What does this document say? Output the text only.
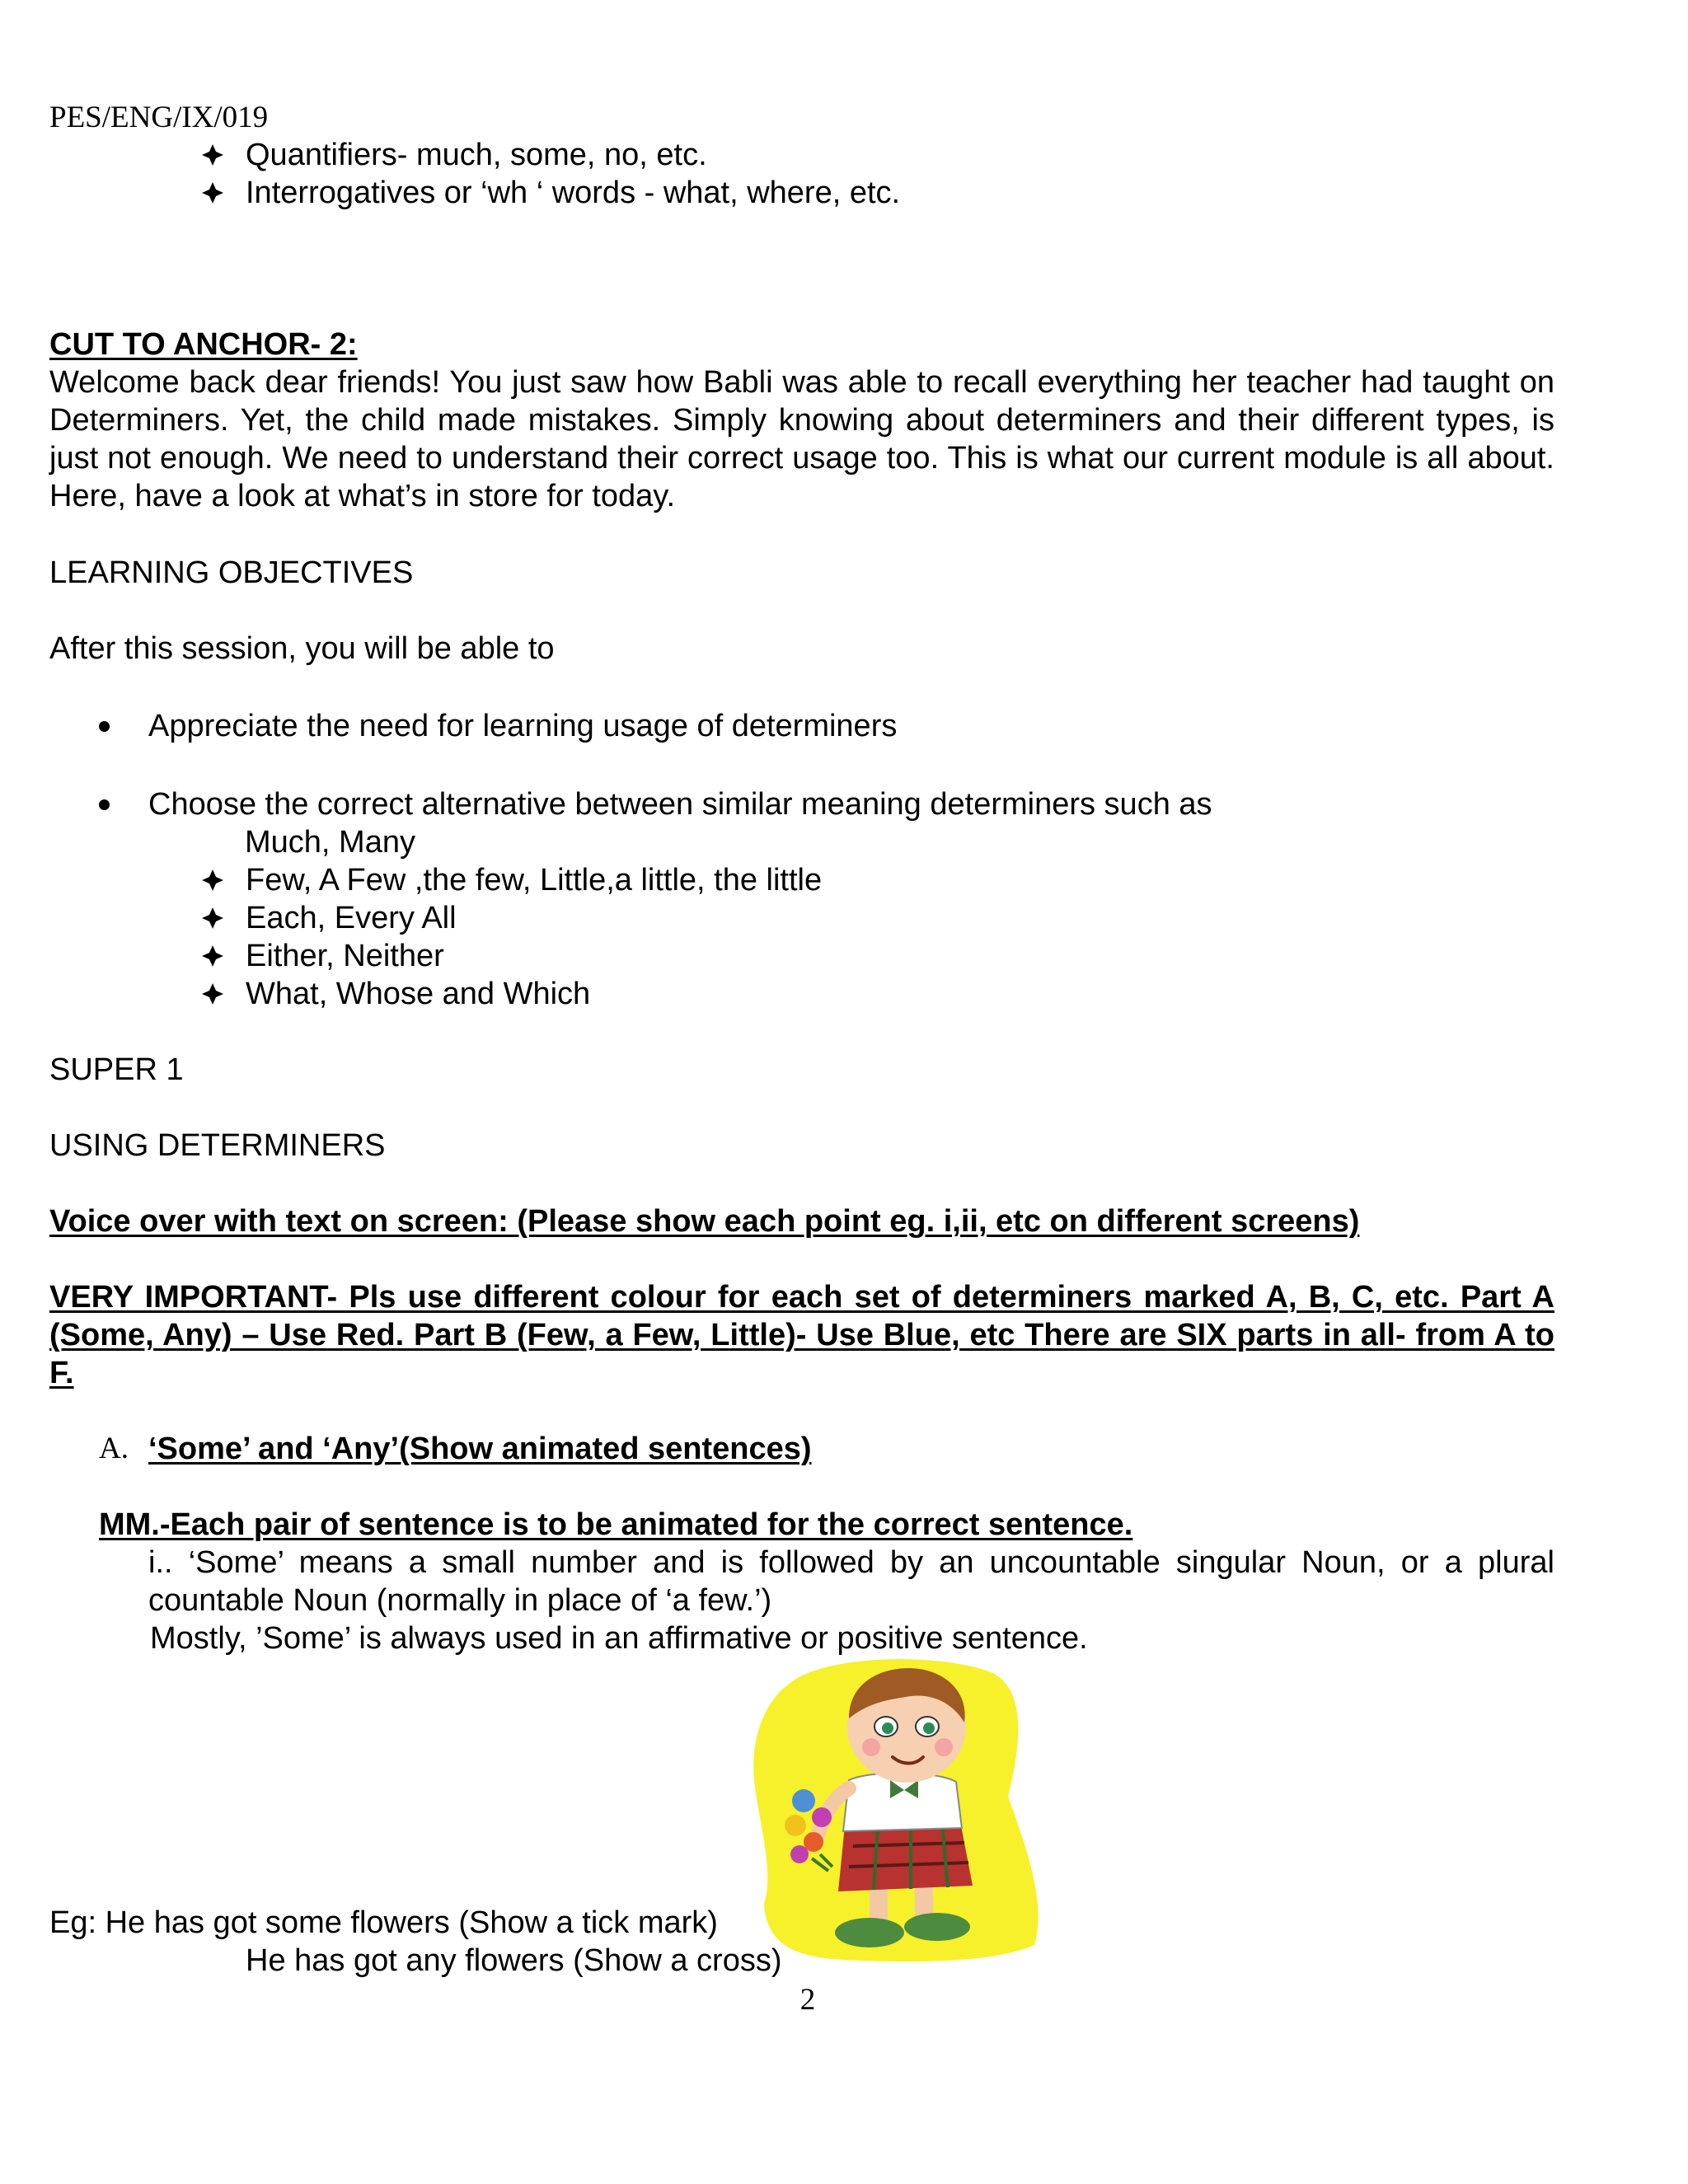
PES/ENG/IX/019
Quantifiers- much, some, no, etc.
Interrogatives or ‘wh ‘ words - what, where, etc.
CUT TO ANCHOR- 2:
Welcome back dear friends! You just saw how Babli was able to recall everything her teacher had taught on Determiners. Yet, the child made mistakes. Simply knowing about determiners and their different types, is just not enough. We need to understand their correct usage too. This is what our current module is all about. Here, have a look at what’s in store for today.
LEARNING OBJECTIVES
After this session, you will be able to
Appreciate the need for learning usage of determiners
Choose the correct alternative between similar meaning determiners such as
Much, Many
Few, A Few ,the few, Little,a little, the little
Each, Every All
Either, Neither
What, Whose and Which
SUPER 1
USING DETERMINERS
Voice over with text on screen: (Please show each point eg. i,ii, etc on different screens)
VERY IMPORTANT- Pls use different colour for each set of determiners marked A, B, C, etc. Part A (Some, Any) – Use Red. Part B (Few, a Few, Little)- Use Blue, etc There are SIX parts in all- from A to F.
A. ‘Some’ and ‘Any’(Show animated sentences)
MM.-Each pair of sentence is to be animated for the correct sentence.
i.. ‘Some’ means a small number and is followed by an uncountable singular Noun, or a plural countable Noun (normally in place of ‘a few.’)
Mostly, ’Some’ is always used in an affirmative or positive sentence.
Eg: He has got some flowers (Show a tick mark)
He has got any flowers (Show a cross)
2
